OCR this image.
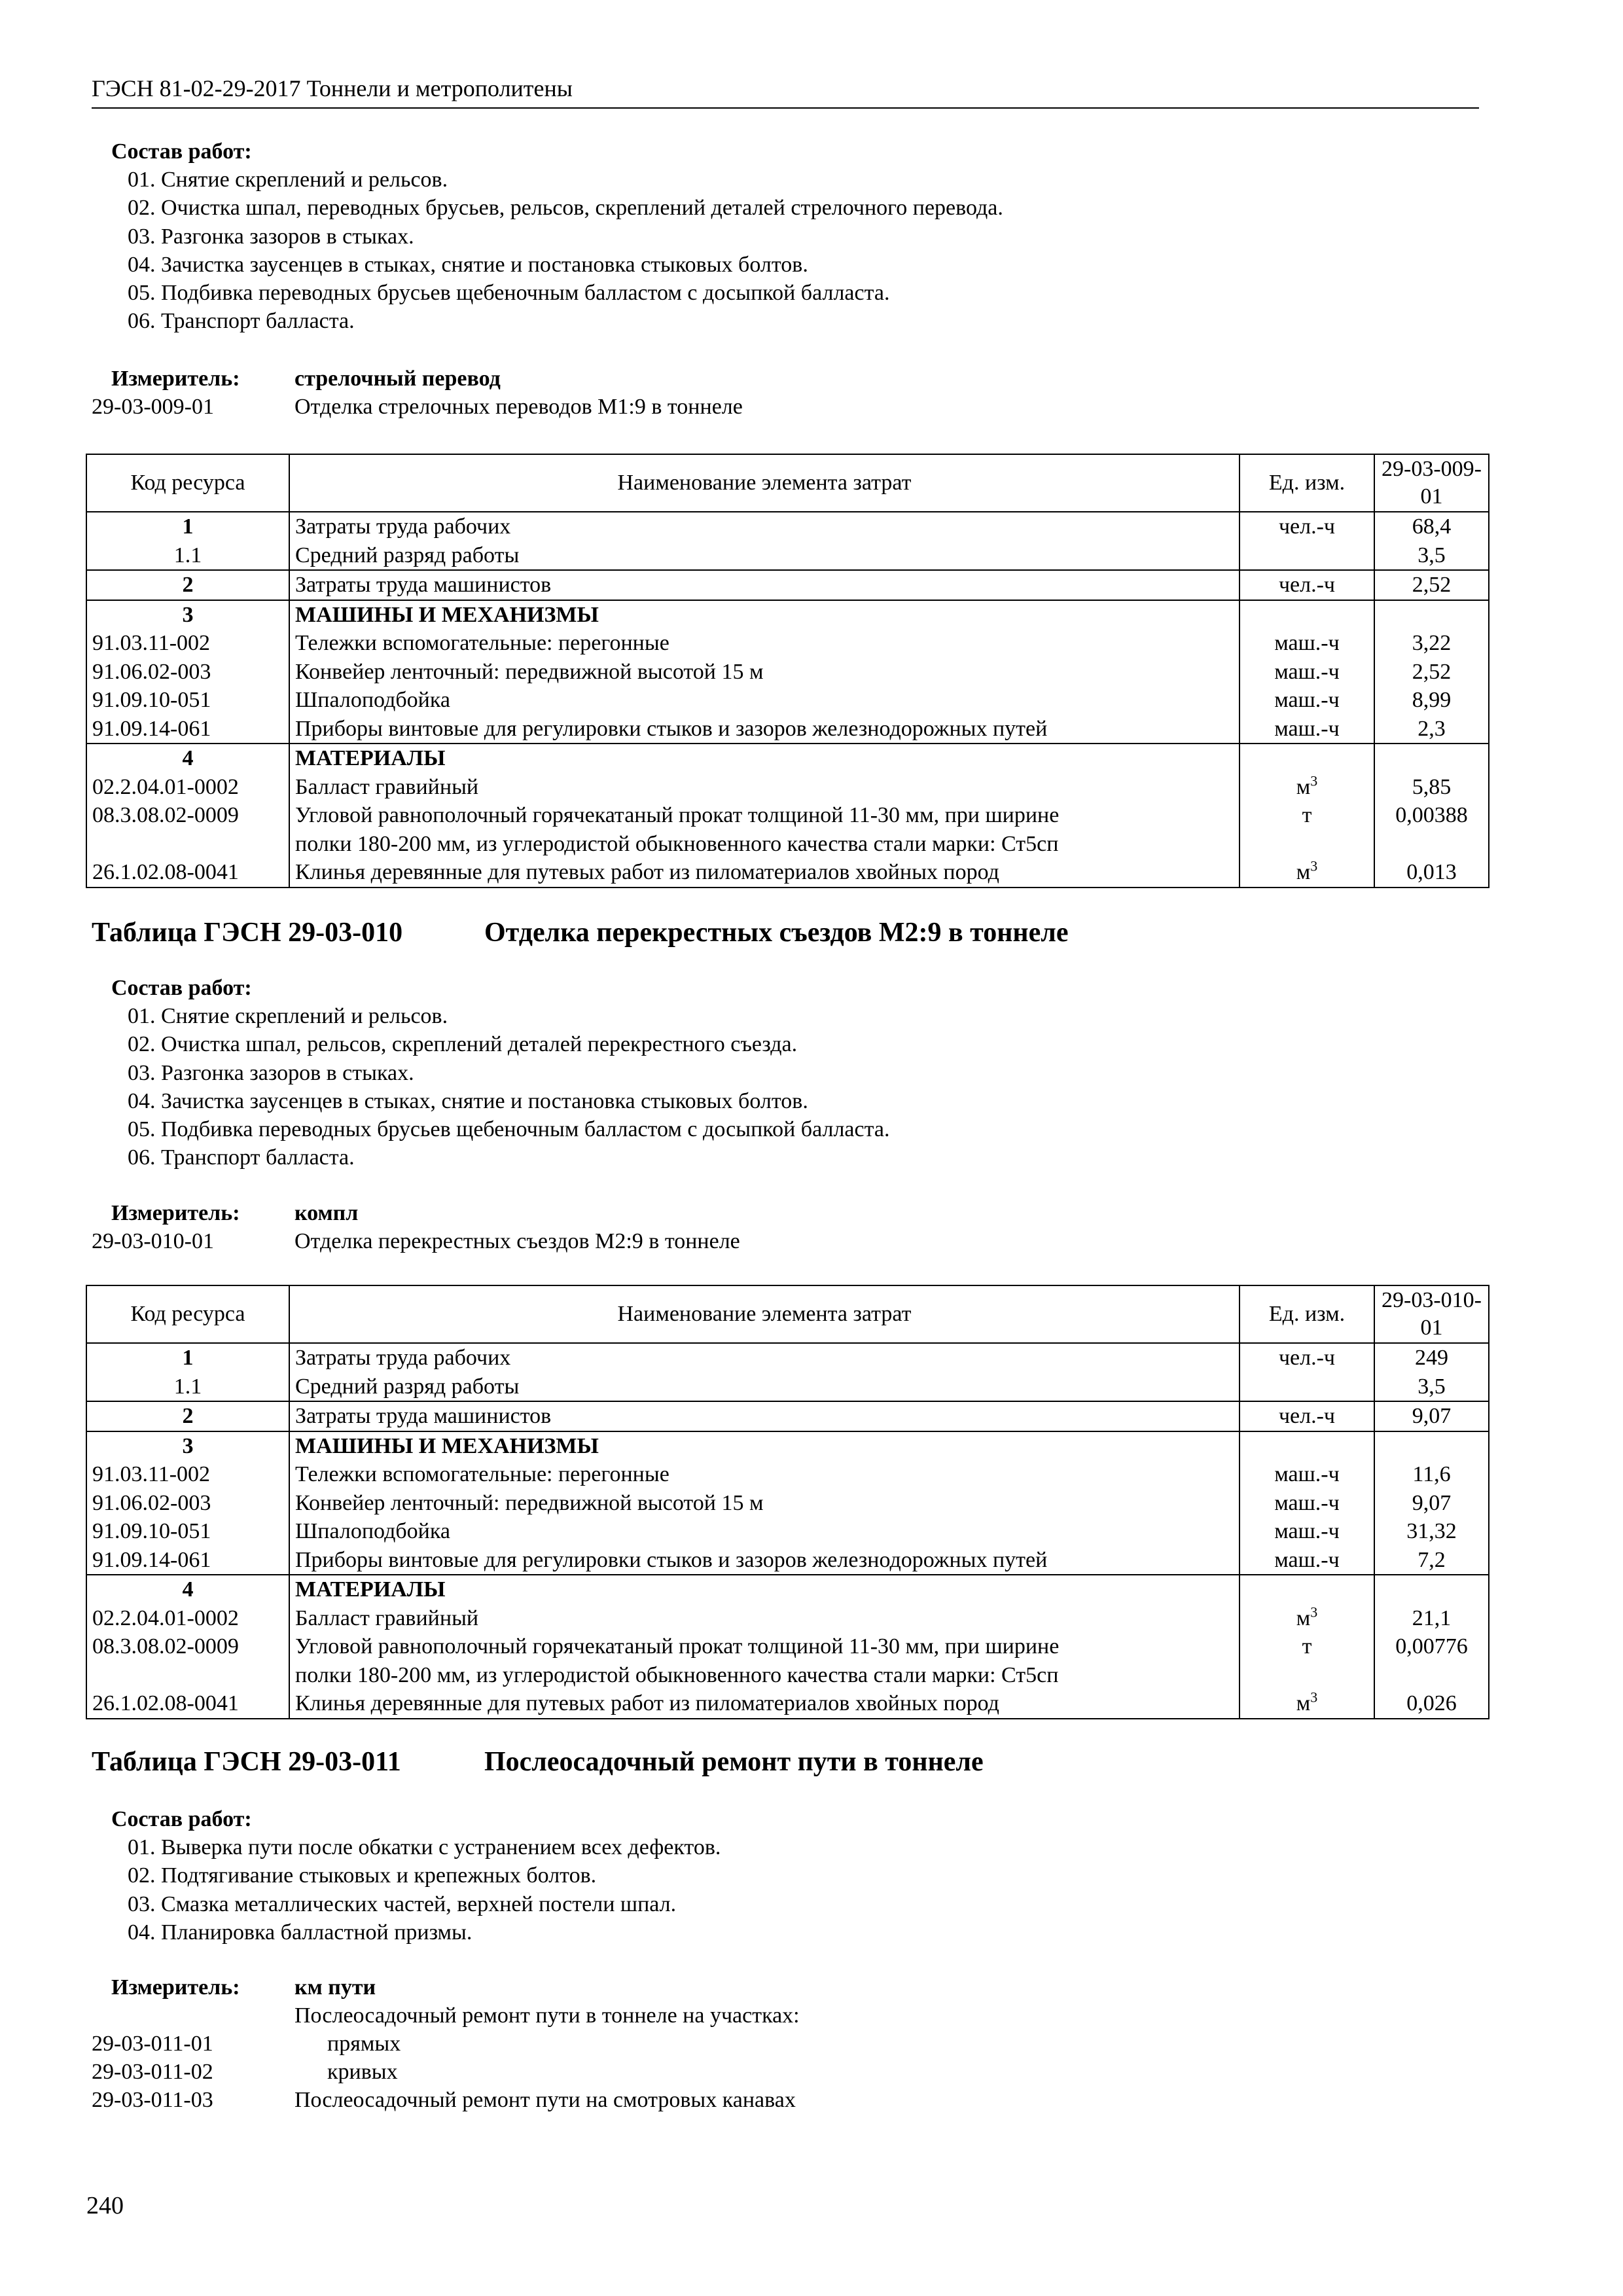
ГЭСН 81-02-29-2017 Тоннели и метрополитены
Состав работ:
01. Снятие скреплений и рельсов.
02. Очистка шпал, переводных брусьев, рельсов, скреплений деталей стрелочного перевода.
03. Разгонка зазоров в стыках.
04. Зачистка заусенцев в стыках, снятие и постановка стыковых болтов.
05. Подбивка переводных брусьев щебеночным балластом с досыпкой балласта.
06. Транспорт балласта.
Измеритель:	стрелочный перевод
29-03-009-01	Отделка стрелочных переводов М1:9 в тоннеле
Код ресурса	Наименование элемента затрат	Ед. изм.	29-03-009-01
1	Затраты труда рабочих	чел.-ч	68,4
1.1	Средний разряд работы		3,5
2	Затраты труда машинистов	чел.-ч	2,52
3	МАШИНЫ И МЕХАНИЗМЫ		
91.03.11-002	Тележки вспомогательные: перегонные	маш.-ч	3,22
91.06.02-003	Конвейер ленточный: передвижной высотой 15 м	маш.-ч	2,52
91.09.10-051	Шпалоподбойка	маш.-ч	8,99
91.09.14-061	Приборы винтовые для регулировки стыков и зазоров железнодорожных путей	маш.-ч	2,3
4	МАТЕРИАЛЫ		
02.2.04.01-0002	Балласт гравийный	$м^3$	5,85
08.3.08.02-0009	Угловой равнополочный горячекатаный прокат толщиной 11-30 мм, при ширине
полки 180-200 мм, из углеродистой обыкновенного качества стали марки: Ст5сп	т	0,00388
26.1.02.08-0041	Клинья деревянные для путевых работ из пиломатериалов хвойных пород	$м^3$	0,013
Таблица ГЭСН 29-03-010	Отделка перекрестных съездов М2:9 в тоннеле
Состав работ:
01. Снятие скреплений и рельсов.
02. Очистка шпал, рельсов, скреплений деталей перекрестного съезда.
03. Разгонка зазоров в стыках.
04. Зачистка заусенцев в стыках, снятие и постановка стыковых болтов.
05. Подбивка переводных брусьев щебеночным балластом с досыпкой балласта.
06. Транспорт балласта.
Измеритель:	компл
29-03-010-01	Отделка перекрестных съездов М2:9 в тоннеле
Код ресурса	Наименование элемента затрат	Ед. изм.	29-03-010-01
1	Затраты труда рабочих	чел.-ч	249
1.1	Средний разряд работы		3,5
2	Затраты труда машинистов	чел.-ч	9,07
3	МАШИНЫ И МЕХАНИЗМЫ		
91.03.11-002	Тележки вспомогательные: перегонные	маш.-ч	11,6
91.06.02-003	Конвейер ленточный: передвижной высотой 15 м	маш.-ч	9,07
91.09.10-051	Шпалоподбойка	маш.-ч	31,32
91.09.14-061	Приборы винтовые для регулировки стыков и зазоров железнодорожных путей	маш.-ч	7,2
4	МАТЕРИАЛЫ		
02.2.04.01-0002	Балласт гравийный	$м^3$	21,1
08.3.08.02-0009	Угловой равнополочный горячекатаный прокат толщиной 11-30 мм, при ширине
полки 180-200 мм, из углеродистой обыкновенного качества стали марки: Ст5сп	т	0,00776
26.1.02.08-0041	Клинья деревянные для путевых работ из пиломатериалов хвойных пород	$м^3$	0,026
Таблица ГЭСН 29-03-011	Послеосадочный ремонт пути в тоннеле
Состав работ:
01. Выверка пути после обкатки с устранением всех дефектов.
02. Подтягивание стыковых и крепежных болтов.
03. Смазка металлических частей, верхней постели шпал.
04. Планировка балластной призмы.
Измеритель:	км пути
Послеосадочный ремонт пути в тоннеле на участках:
29-03-011-01	прямых
29-03-011-02	кривых
29-03-011-03	Послеосадочный ремонт пути на смотровых канавах
240
